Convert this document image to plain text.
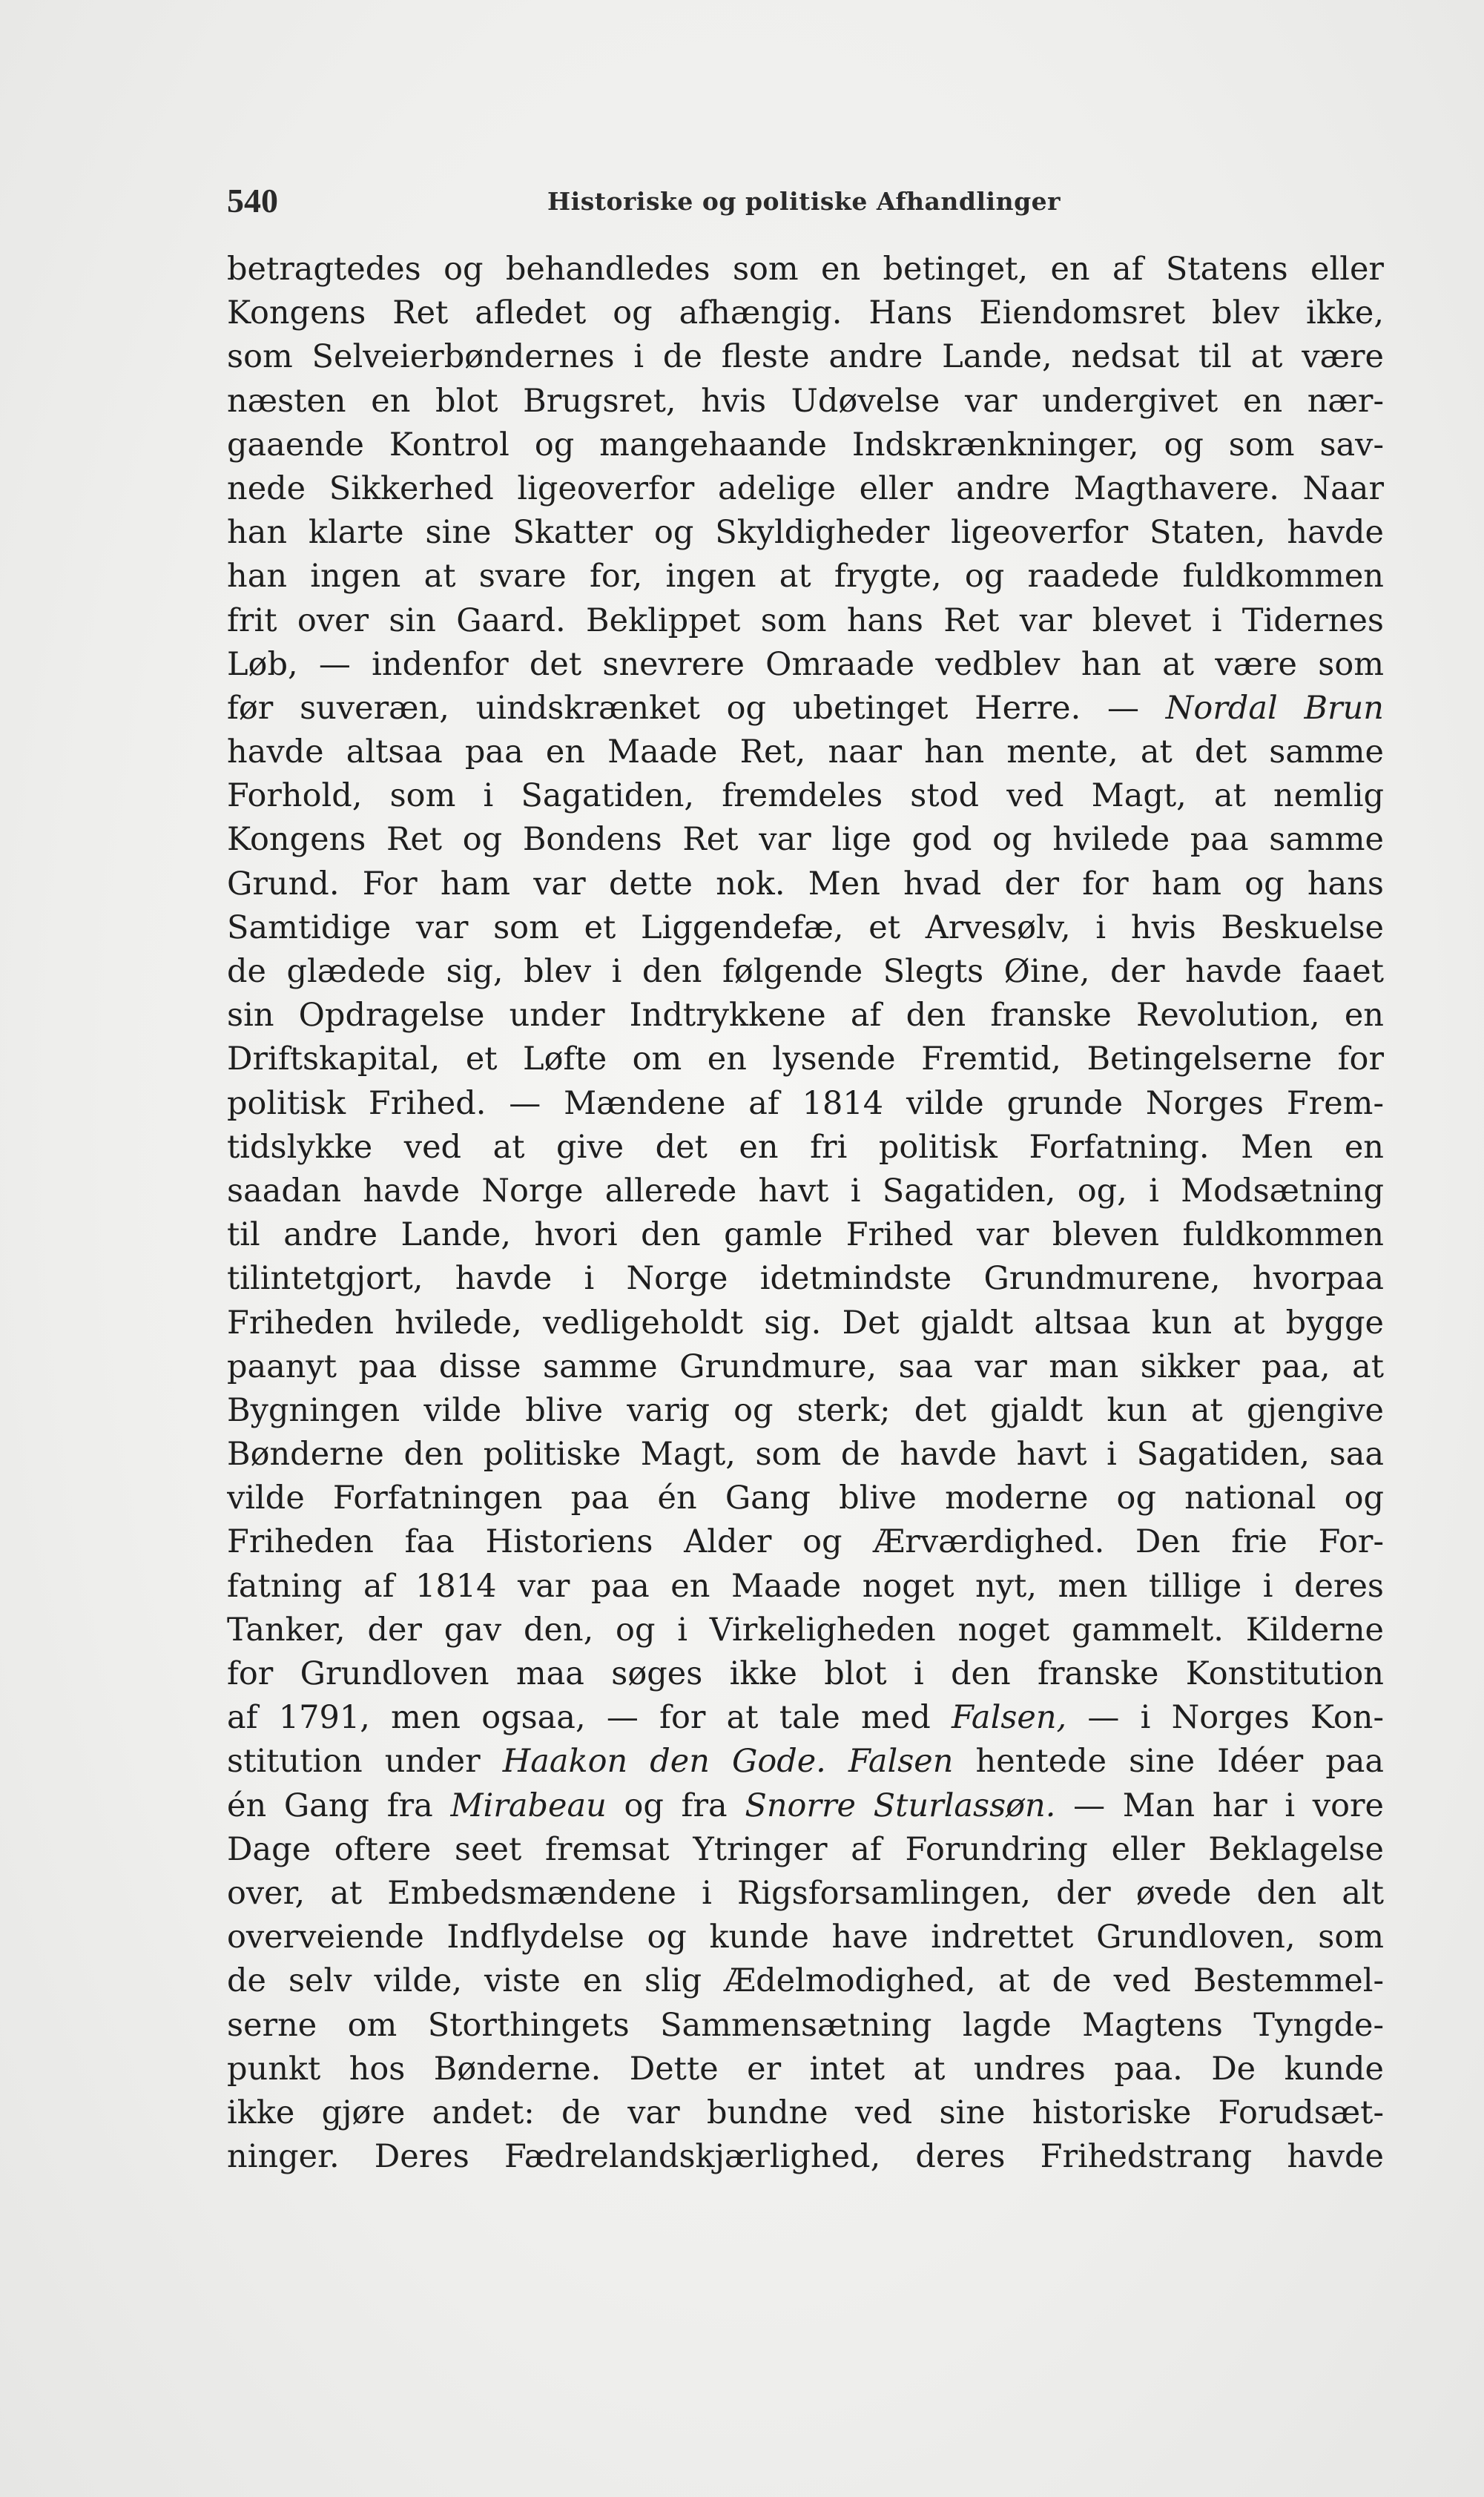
540	Historiske og politiske Afhandlinger
betragtedes og behandledes som en betinget, en af Statens eller
Kongens Ret afledet og afhængig. Hans Eiendomsret blev ikke,
som Selveierbøndernes i de fleste andre Lande, nedsat til at være
næsten en blot Brugsret, hvis Udøvelse var undergivet en nær-
gaaende Kontrol og mangehaande Indskrænkninger, og som sav-
nede Sikkerhed ligeoverfor adelige eller andre Magthavere. Naar
han klarte sine Skatter og Skyldigheder ligeoverfor Staten, havde
han ingen at svare for, ingen at frygte, og raadede fuldkommen
frit over sin Gaard. Beklippet som hans Ret var blevet i Tidernes
Løb, — indenfor det snevrere Omraade vedblev han at være som
før suveræn, uindskrænket og ubetinget Herre. — Nordal Brun
havde altsaa paa en Maade Ret, naar han mente, at det samme
Forhold, som i Sagatiden, fremdeles stod ved Magt, at nemlig
Kongens Ret og Bondens Ret var lige god og hvilede paa samme
Grund. For ham var dette nok. Men hvad der for ham og hans
Samtidige var som et Liggendefæ, et Arvesølv, i hvis Beskuelse
de glædede sig, blev i den følgende Slegts Øine, der havde faaet
sin Opdragelse under Indtrykkene af den franske Revolution, en
Driftskapital, et Løfte om en lysende Fremtid, Betingelserne for
politisk Frihed. — Mændene af 1814 vilde grunde Norges Frem-
tidslykke ved at give det en fri politisk Forfatning. Men en
saadan havde Norge allerede havt i Sagatiden, og, i Modsætning
til andre Lande, hvori den gamle Frihed var bleven fuldkommen
tilintetgjort, havde i Norge idetmindste Grundmurene, hvorpaa
Friheden hvilede, vedligeholdt sig. Det gjaldt altsaa kun at bygge
paanyt paa disse samme Grundmure, saa var man sikker paa, at
Bygningen vilde blive varig og sterk; det gjaldt kun at gjengive
Bønderne den politiske Magt, som de havde havt i Sagatiden, saa
vilde Forfatningen paa én Gang blive moderne og national og
Friheden faa Historiens Alder og Ærværdighed. Den frie For-
fatning af 1814 var paa en Maade noget nyt, men tillige i deres
Tanker, der gav den, og i Virkeligheden noget gammelt. Kilderne
for Grundloven maa søges ikke blot i den franske Konstitution
af 1791, men ogsaa, — for at tale med Falsen, — i Norges Kon-
stitution under Haakon den Gode. Falsen hentede sine Idéer paa
én Gang fra Mirabeau og fra Snorre Sturlassøn. — Man har i vore
Dage oftere seet fremsat Ytringer af Forundring eller Beklagelse
over, at Embedsmændene i Rigsforsamlingen, der øvede den alt
overveiende Indflydelse og kunde have indrettet Grundloven, som
de selv vilde, viste en slig Ædelmodighed, at de ved Bestemmel-
serne om Storthingets Sammensætning lagde Magtens Tyngde-
punkt hos Bønderne. Dette er intet at undres paa. De kunde
ikke gjøre andet: de var bundne ved sine historiske Forudsæt-
ninger. Deres Fædrelandskjærlighed, deres Frihedstrang havde
